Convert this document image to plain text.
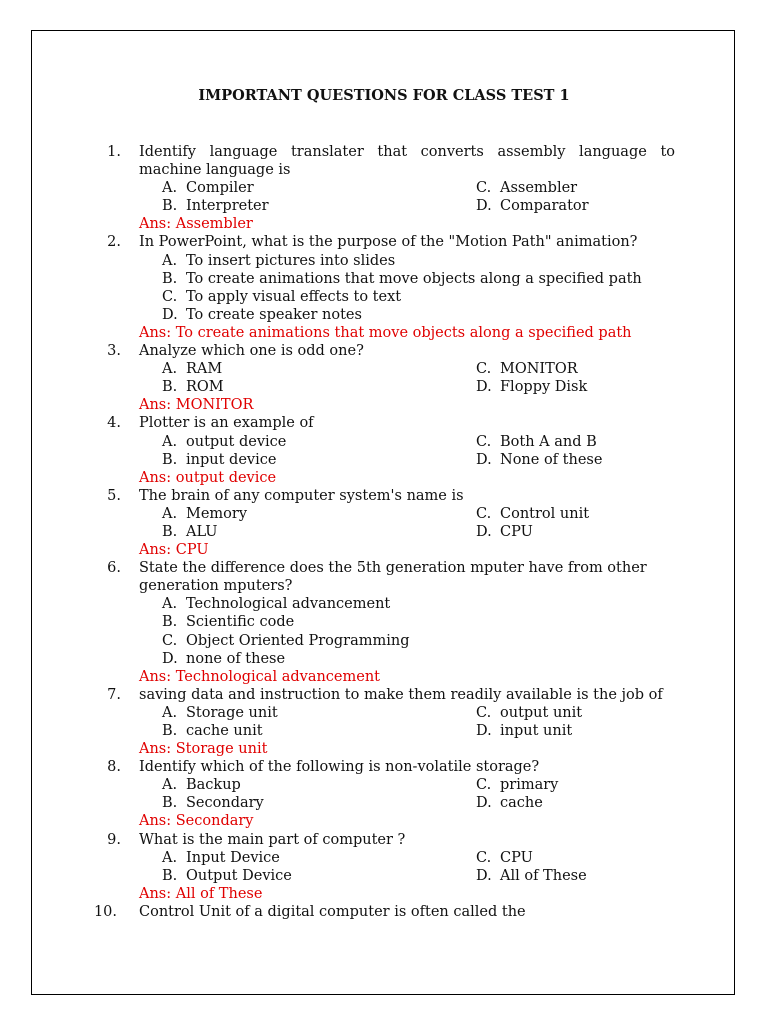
IMPORTANT QUESTIONS FOR CLASS TEST 1
1.	Identify language translater that converts assembly language to machine language is
A. Compiler	C. Assembler
B. Interpreter	D. Comparator
Ans: Assembler
2.	In PowerPoint, what is the purpose of the "Motion Path" animation?
A. To insert pictures into slides
B. To create animations that move objects along a specified path
C. To apply visual effects to text
D. To create speaker notes
Ans: To create animations that move objects along a specified path
3.	Analyze which one is odd one?
A. RAM	C. MONITOR
B. ROM	D. Floppy Disk
Ans: MONITOR
4.	Plotter is an example of
A. output device	C. Both A and B
B. input device	D. None of these
Ans: output device
5.	The brain of any computer system's name is
A. Memory	C. Control unit
B. ALU	D. CPU
Ans: CPU
6.	State the difference does the 5th generation mputer have from other generation mputers?
A. Technological advancement
B. Scientific code
C. Object Oriented Programming
D. none of these
Ans: Technological advancement
7.	saving data and instruction to make them readily available is the job of
A. Storage unit	C. output unit
B. cache unit	D. input unit
Ans: Storage unit
8.	Identify which of the following is non-volatile storage?
A. Backup	C. primary
B. Secondary	D. cache
Ans: Secondary
9.	What is the main part of computer ?
A. Input Device	C. CPU
B. Output Device	D. All of These
Ans: All of These
10.	Control Unit of a digital computer is often called the
